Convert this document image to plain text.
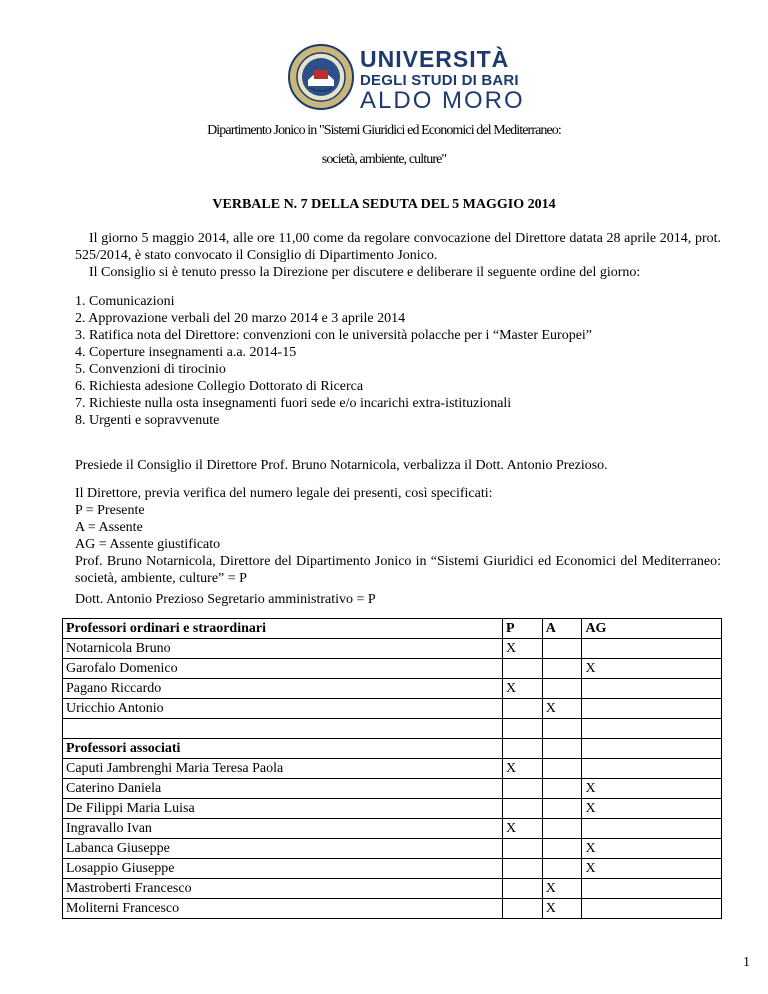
UNIVERSITÀ
DEGLI STUDI DI BARI
ALDO MORO
Dipartimento Jonico in "Sistemi Giuridici ed Economici del Mediterraneo:
società, ambiente, culture"
VERBALE N. 7 DELLA SEDUTA DEL 5 MAGGIO 2014
Il giorno 5 maggio 2014, alle ore 11,00 come da regolare convocazione del Direttore datata 28 aprile 2014, prot. 525/2014, è stato convocato il Consiglio di Dipartimento Jonico.
Il Consiglio si è tenuto presso la Direzione per discutere e deliberare il seguente ordine del giorno:
1. Comunicazioni
2. Approvazione verbali del 20 marzo 2014 e 3 aprile 2014
3. Ratifica nota del Direttore: convenzioni con le università polacche per i “Master Europei”
4. Coperture insegnamenti a.a. 2014-15
5. Convenzioni di tirocinio
6. Richiesta adesione Collegio Dottorato di Ricerca
7. Richieste nulla osta insegnamenti fuori sede e/o incarichi extra-istituzionali
8. Urgenti e sopravvenute
Presiede il Consiglio il Direttore Prof. Bruno Notarnicola, verbalizza il Dott. Antonio Prezioso.
Il Direttore, previa verifica del numero legale dei presenti, così specificati:
P = Presente
A = Assente
AG = Assente giustificato
Prof. Bruno Notarnicola, Direttore del Dipartimento Jonico in “Sistemi Giuridici ed Economici del Mediterraneo: società, ambiente, culture” = P
Dott. Antonio Prezioso Segretario amministrativo = P
Professori ordinari e straordinari	P	A	AG
Notarnicola Bruno	X		
Garofalo Domenico			X
Pagano Riccardo	X		
Uricchio Antonio		X	

Professori associati			
Caputi Jambrenghi Maria Teresa Paola	X		
Caterino Daniela			X
De Filippi Maria Luisa			X
Ingravallo Ivan	X		
Labanca Giuseppe			X
Losappio Giuseppe			X
Mastroberti Francesco		X	
Moliterni Francesco		X	
1
